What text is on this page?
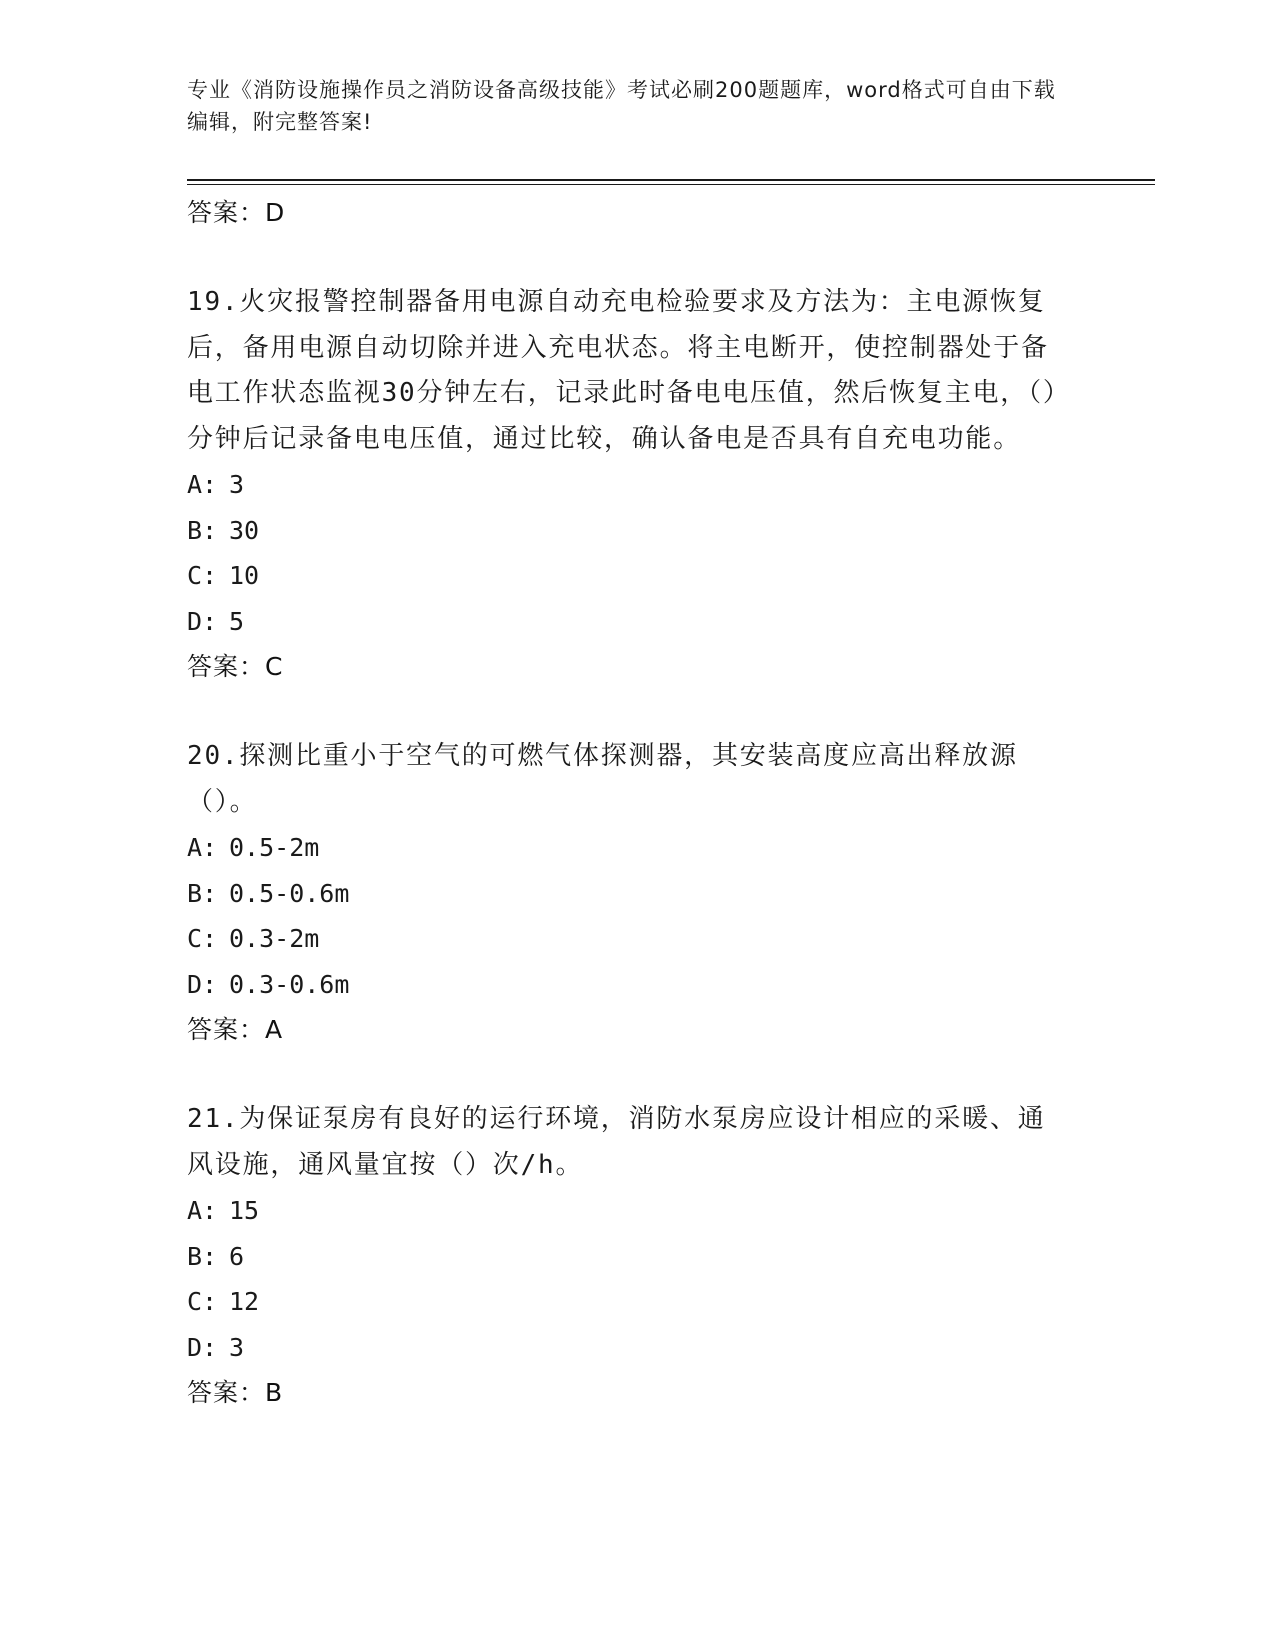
专业《消防设施操作员之消防设备高级技能》考试必刷200题题库，word格式可自由下载编辑，附完整答案!
答案：D
19.火灾报警控制器备用电源自动充电检验要求及方法为：主电源恢复后，备用电源自动切除并进入充电状态。将主电断开，使控制器处于备电工作状态监视30分钟左右，记录此时备电电压值，然后恢复主电，（）分钟后记录备电电压值，通过比较，确认备电是否具有自充电功能。
A: 3
B: 30
C: 10
D: 5
答案：C
20.探测比重小于空气的可燃气体探测器，其安装高度应高出释放源（）。
A: 0.5-2m
B: 0.5-0.6m
C: 0.3-2m
D: 0.3-0.6m
答案：A
21.为保证泵房有良好的运行环境，消防水泵房应设计相应的采暖、通风设施，通风量宜按（）次/h。
A: 15
B: 6
C: 12
D: 3
答案：B
